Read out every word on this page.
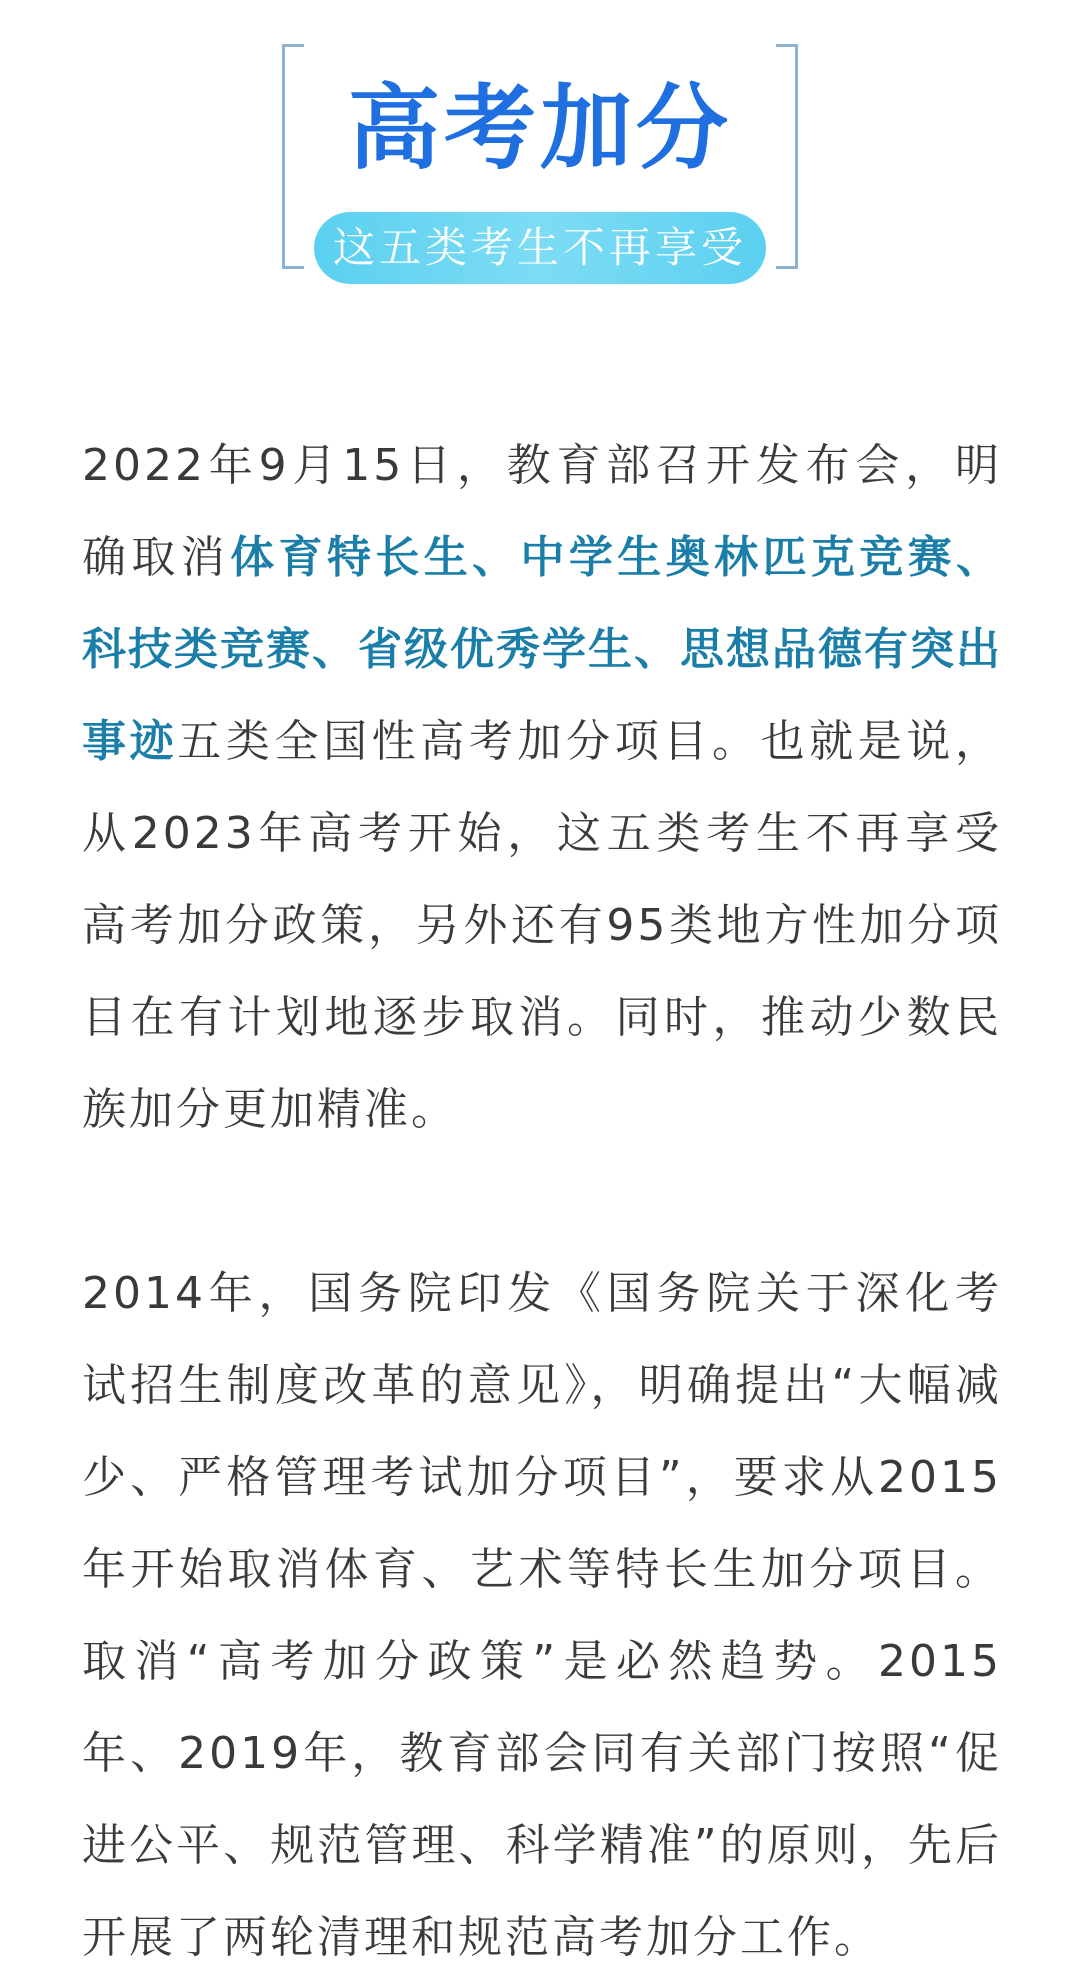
高考加分
这五类考生不再享受

2022年9月15日，教育部召开发布会，明确取消体育特长生、中学生奥林匹克竞赛、科技类竞赛、省级优秀学生、思想品德有突出事迹五类全国性高考加分项目。也就是说，从2023年高考开始，这五类考生不再享受高考加分政策，另外还有95类地方性加分项目在有计划地逐步取消。同时，推动少数民族加分更加精准。

2014年，国务院印发《国务院关于深化考试招生制度改革的意见》，明确提出“大幅减少、严格管理考试加分项目”，要求从2015年开始取消体育、艺术等特长生加分项目。取消“高考加分政策”是必然趋势。2015年、2019年，教育部会同有关部门按照“促进公平、规范管理、科学精准”的原则，先后开展了两轮清理和规范高考加分工作。
